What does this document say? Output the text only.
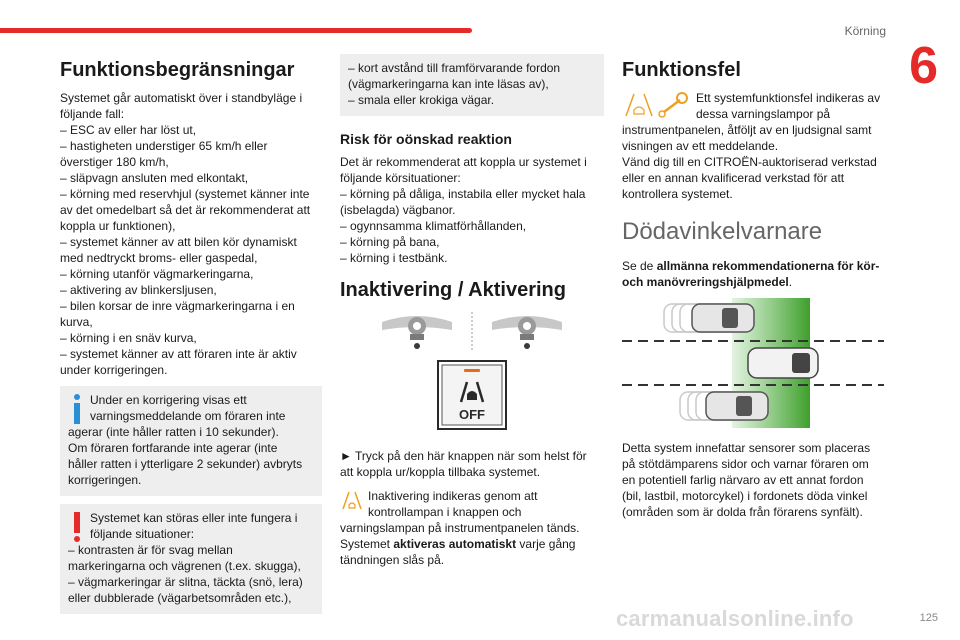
Körning
6
Funktionsbegränsningar
Systemet går automatiskt över i standbyläge i
följande fall:
– ESC av eller har löst ut,
– hastigheten understiger 65 km/h eller
överstiger 180 km/h,
– släpvagn ansluten med elkontakt,
– körning med reservhjul (systemet känner inte
av det omedelbart så det är rekommenderat att
koppla ur funktionen),
– systemet känner av att bilen kör dynamiskt
med nedtryckt broms- eller gaspedal,
– körning utanför vägmarkeringarna,
– aktivering av blinkersljusen,
– bilen korsar de inre vägmarkeringarna i en
kurva,
– körning i en snäv kurva,
– systemet känner av att föraren inte är aktiv
under korrigeringen.
Under en korrigering visas ett
varningsmeddelande om föraren inte
agerar (inte håller ratten i 10 sekunder).
Om föraren fortfarande inte agerar (inte
håller ratten i ytterligare 2 sekunder) avbryts
korrigeringen.
Systemet kan störas eller inte fungera i
följande situationer:
– kontrasten är för svag mellan
markeringarna och vägrenen (t.ex. skugga),
– vägmarkeringar är slitna, täckta (snö, lera)
eller dubblerade (vägarbetsområden etc.),
– kort avstånd till framförvarande fordon
(vägmarkeringarna kan inte läsas av),
– smala eller krokiga vägar.
Risk för oönskad reaktion
Det är rekommenderat att koppla ur systemet i
följande körsituationer:
– körning på dåliga, instabila eller mycket hala
(isbelagda) vägbanor.
– ogynnsamma klimatförhållanden,
– körning på bana,
– körning i testbänk.
Inaktivering / Aktivering
OFF
► Tryck på den här knappen när som helst för
att koppla ur/koppla tillbaka systemet.
Inaktivering indikeras genom att
kontrollampan i knappen och
varningslampan på instrumentpanelen tänds.

Systemet aktiveras automatiskt varje gång

tändningen slås på.
Funktionsfel
Ett systemfunktionsfel indikeras av
dessa varningslampor på
instrumentpanelen, åtföljt av en ljudsignal samt
visningen av ett meddelande.
Vänd dig till en CITROËN-auktoriserad verkstad
eller en annan kvalificerad verkstad för att
kontrollera systemet.
Dödavinkelvarnare

Se de allmänna rekommendationerna för kör-

och manövreringshjälpmedel.

Detta system innefattar sensorer som placeras
på stötdämparens sidor och varnar föraren om
en potentiell farlig närvaro av ett annat fordon
(bil, lastbil, motorcykel) i fordonets döda vinkel
(områden som är dolda från förarens synfält).
carmanualsonline.info	125
